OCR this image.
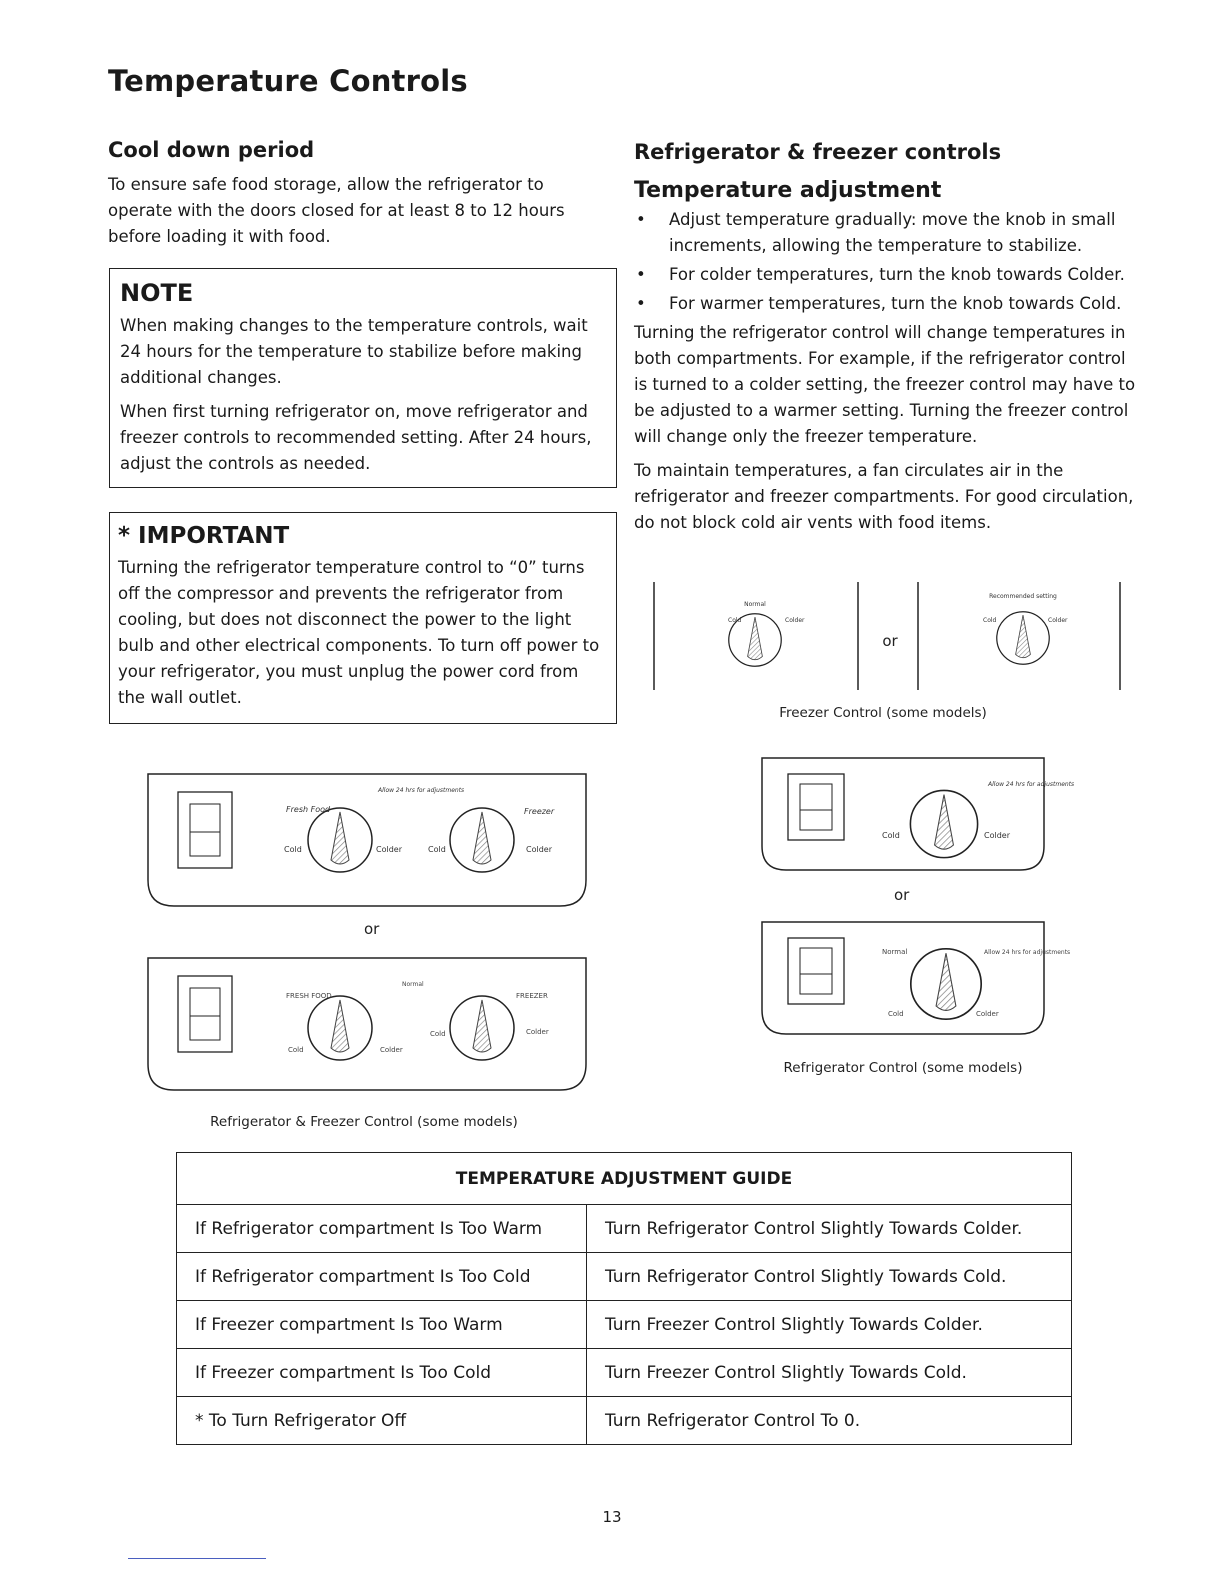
Temperature Controls
Cool down period

To ensure safe food storage, allow the refrigerator to operate with the doors closed for at least 8 to 12 hours before loading it with food.

NOTE

When making changes to the temperature controls, wait 24 hours for the temperature to stabilize before making additional changes.

When first turning refrigerator on, move refrigerator and freezer controls to recommended setting. After 24 hours, adjust the controls as needed.

* IMPORTANT

Turning the refrigerator temperature control to “0” turns off the compressor and prevents the refrigerator from cooling, but does not disconnect the power to the light bulb and other electrical components. To turn off power to your refrigerator, you must unplug the power cord from the wall outlet.

Refrigerator & freezer controls
Temperature adjustment
• Adjust temperature gradually: move the knob in small increments, allowing the temperature to stabilize.
• For colder temperatures, turn the knob towards Colder.
• For warmer temperatures, turn the knob towards Cold.

Turning the refrigerator control will change temperatures in both compartments. For example, if the refrigerator control is turned to a colder setting, the freezer control may have to be adjusted to a warmer setting. Turning the freezer control will change only the freezer temperature.

To maintain temperatures, a fan circulates air in the refrigerator and freezer compartments. For good circulation, do not block cold air vents with food items.

Normal
Cold	Colder
or
Recommended setting
Cold	Colder
Freezer Control (some models)
Fresh Food
Allow 24 hrs for adjustments
Freezer
Cold	Colder	Cold	Colder
or
FRESH FOOD
Normal
FREEZER
Cold	Colder
Cold	Colder
Refrigerator & Freezer Control (some models)
Allow 24 hrs for adjustments
Cold	Colder
or
Normal	Allow 24 hrs for adjustments
Cold	Colder
Refrigerator Control (some models)
TEMPERATURE ADJUSTMENT GUIDE	
If Refrigerator compartment Is Too Warm	Turn Refrigerator Control Slightly Towards Colder.
If Refrigerator compartment Is Too Cold	Turn Refrigerator Control Slightly Towards Cold.
If Freezer compartment Is Too Warm	Turn Freezer Control Slightly Towards Colder.
If Freezer compartment Is Too Cold	Turn Freezer Control Slightly Towards Cold.
* To Turn Refrigerator Off	Turn Refrigerator Control To 0.
13
